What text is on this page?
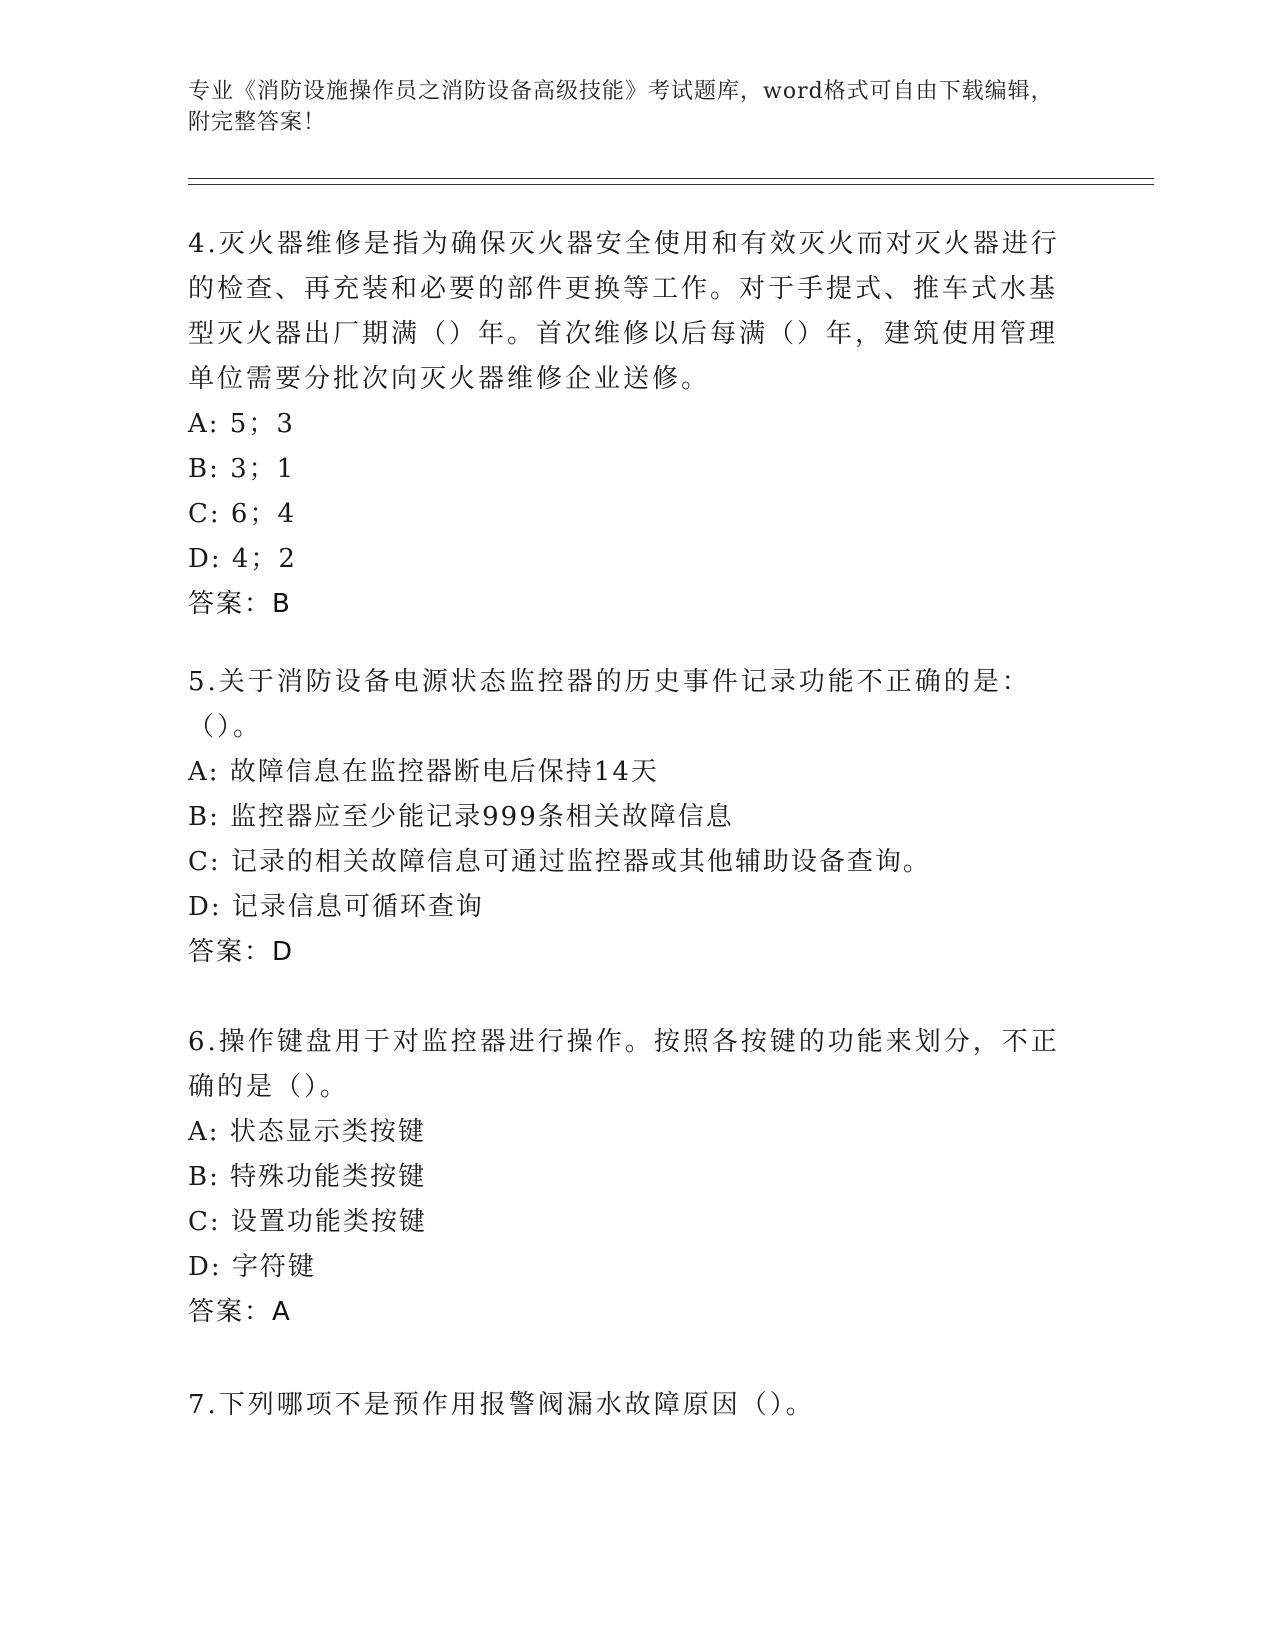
专业《消防设施操作员之消防设备高级技能》考试题库，word格式可自由下载编辑，附完整答案！

4.灭火器维修是指为确保灭火器安全使用和有效灭火而对灭火器进行的检查、再充装和必要的部件更换等工作。对于手提式、推车式水基型灭火器出厂期满（）年。首次维修以后每满（）年，建筑使用管理单位需要分批次向灭火器维修企业送修。

A: 5；3

B: 3；1

C: 6；4

D: 4；2

答案：B

5.关于消防设备电源状态监控器的历史事件记录功能不正确的是：（）。

A: 故障信息在监控器断电后保持14天

B: 监控器应至少能记录999条相关故障信息

C: 记录的相关故障信息可通过监控器或其他辅助设备查询。

D: 记录信息可循环查询

答案：D

6.操作键盘用于对监控器进行操作。按照各按键的功能来划分，不正确的是（）。

A: 状态显示类按键

B: 特殊功能类按键

C: 设置功能类按键

D: 字符键

答案：A

7.下列哪项不是预作用报警阀漏水故障原因（）。
